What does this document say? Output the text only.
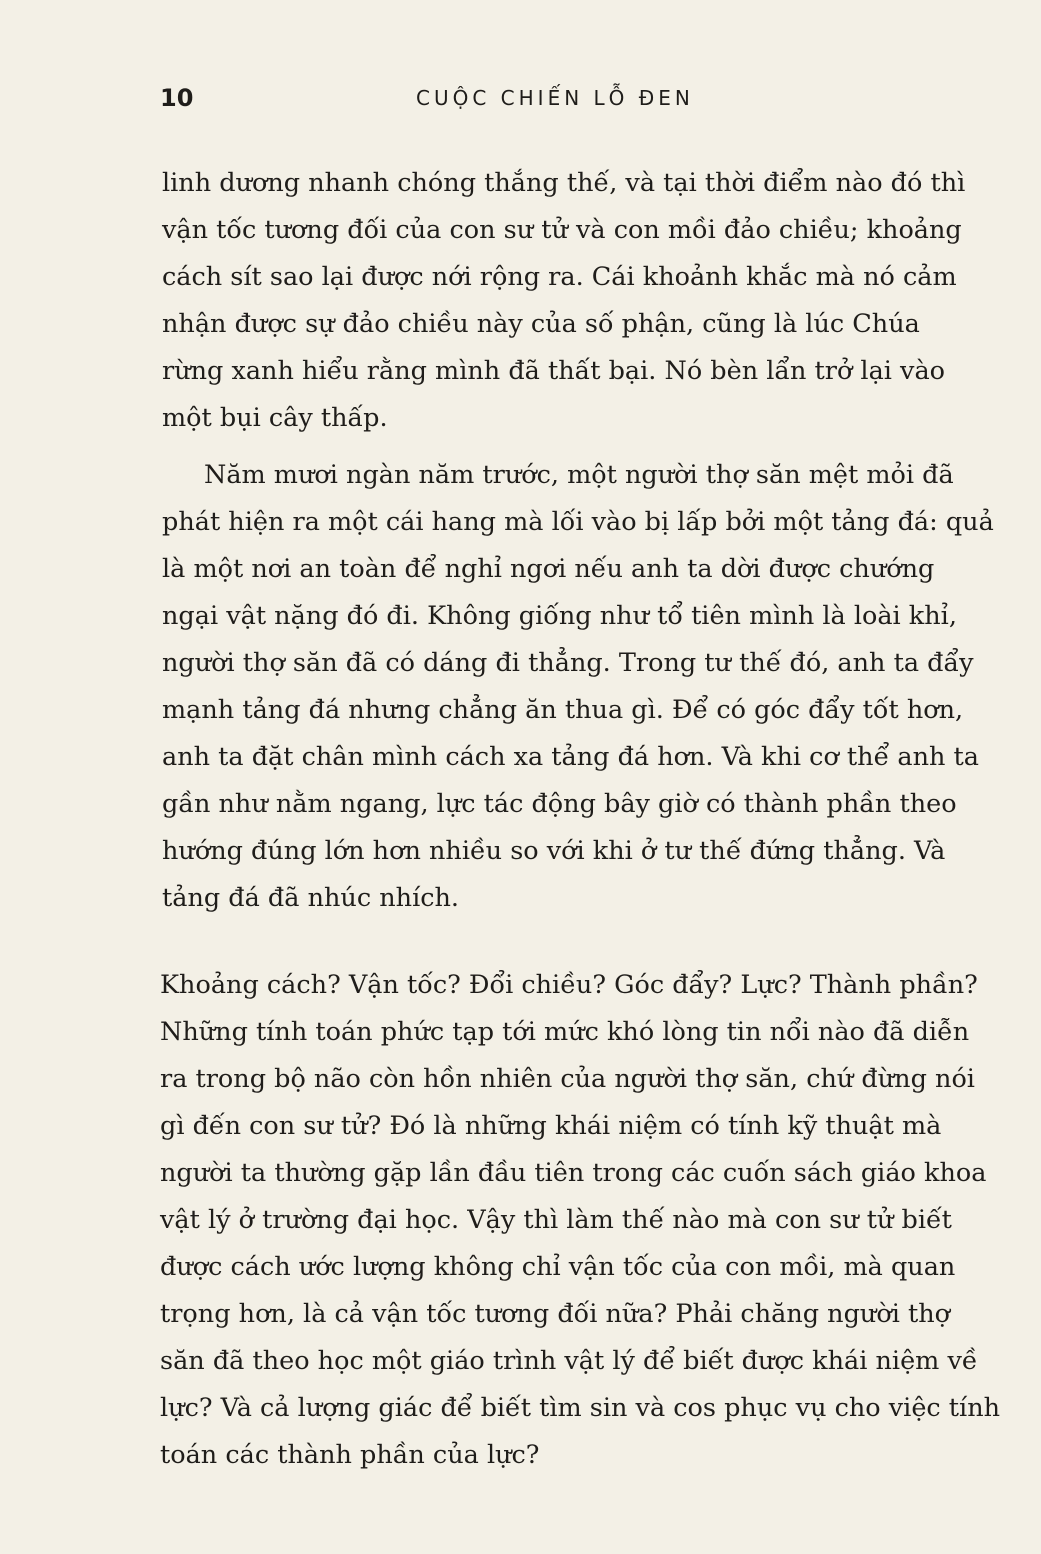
10	CUỘC CHIẾN LỖ ĐEN

linh dương nhanh chóng thắng thế, và tại thời điểm nào đó thì
vận tốc tương đối của con sư tử và con mồi đảo chiều; khoảng
cách sít sao lại được nới rộng ra. Cái khoảnh khắc mà nó cảm
nhận được sự đảo chiều này của số phận, cũng là lúc Chúa
rừng xanh hiểu rằng mình đã thất bại. Nó bèn lẩn trở lại vào
một bụi cây thấp.

Năm mươi ngàn năm trước, một người thợ săn mệt mỏi đã
phát hiện ra một cái hang mà lối vào bị lấp bởi một tảng đá: quả
là một nơi an toàn để nghỉ ngơi nếu anh ta dời được chướng
ngại vật nặng đó đi. Không giống như tổ tiên mình là loài khỉ,
người thợ săn đã có dáng đi thẳng. Trong tư thế đó, anh ta đẩy
mạnh tảng đá nhưng chẳng ăn thua gì. Để có góc đẩy tốt hơn,
anh ta đặt chân mình cách xa tảng đá hơn. Và khi cơ thể anh ta
gần như nằm ngang, lực tác động bây giờ có thành phần theo
hướng đúng lớn hơn nhiều so với khi ở tư thế đứng thẳng. Và
tảng đá đã nhúc nhích.

Khoảng cách? Vận tốc? Đổi chiều? Góc đẩy? Lực? Thành phần?
Những tính toán phức tạp tới mức khó lòng tin nổi nào đã diễn
ra trong bộ não còn hồn nhiên của người thợ săn, chứ đừng nói
gì đến con sư tử? Đó là những khái niệm có tính kỹ thuật mà
người ta thường gặp lần đầu tiên trong các cuốn sách giáo khoa
vật lý ở trường đại học. Vậy thì làm thế nào mà con sư tử biết
được cách ước lượng không chỉ vận tốc của con mồi, mà quan
trọng hơn, là cả vận tốc tương đối nữa? Phải chăng người thợ
săn đã theo học một giáo trình vật lý để biết được khái niệm về
lực? Và cả lượng giác để biết tìm sin và cos phục vụ cho việc tính
toán các thành phần của lực?
